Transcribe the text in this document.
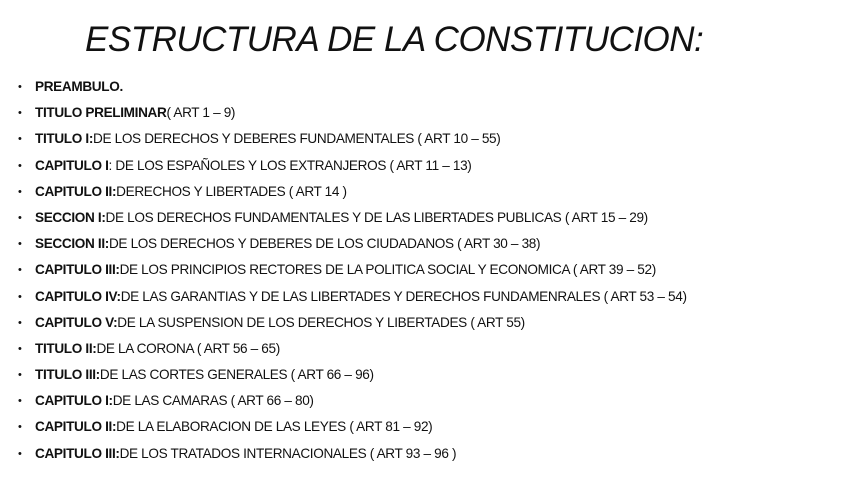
ESTRUCTURA DE LA CONSTITUCION:
• PREAMBULO.
• TITULO PRELIMINAR ( ART 1 – 9)
• TITULO I: DE LOS DERECHOS Y DEBERES FUNDAMENTALES ( ART 10 – 55)
• CAPITULO I : DE LOS ESPAÑOLES Y LOS EXTRANJEROS ( ART 11 – 13)
• CAPITULO II: DERECHOS Y LIBERTADES ( ART 14 )
• SECCION I: DE LOS DERECHOS FUNDAMENTALES Y DE LAS LIBERTADES PUBLICAS ( ART 15 – 29)
• SECCION II: DE LOS DERECHOS Y DEBERES DE LOS CIUDADANOS ( ART 30 – 38)
• CAPITULO III: DE LOS PRINCIPIOS RECTORES DE LA POLITICA SOCIAL Y ECONOMICA ( ART 39 – 52)
• CAPITULO IV: DE LAS GARANTIAS Y DE LAS LIBERTADES Y DERECHOS FUNDAMENRALES ( ART 53 – 54)
• CAPITULO V: DE LA SUSPENSION DE LOS DERECHOS Y LIBERTADES ( ART 55)
• TITULO II: DE LA CORONA ( ART 56 – 65)
• TITULO III: DE LAS CORTES GENERALES ( ART 66 – 96)
• CAPITULO I: DE LAS CAMARAS ( ART 66 – 80)
• CAPITULO II: DE LA ELABORACION DE LAS LEYES ( ART 81 – 92)
• CAPITULO III: DE LOS TRATADOS INTERNACIONALES ( ART 93 – 96 )
